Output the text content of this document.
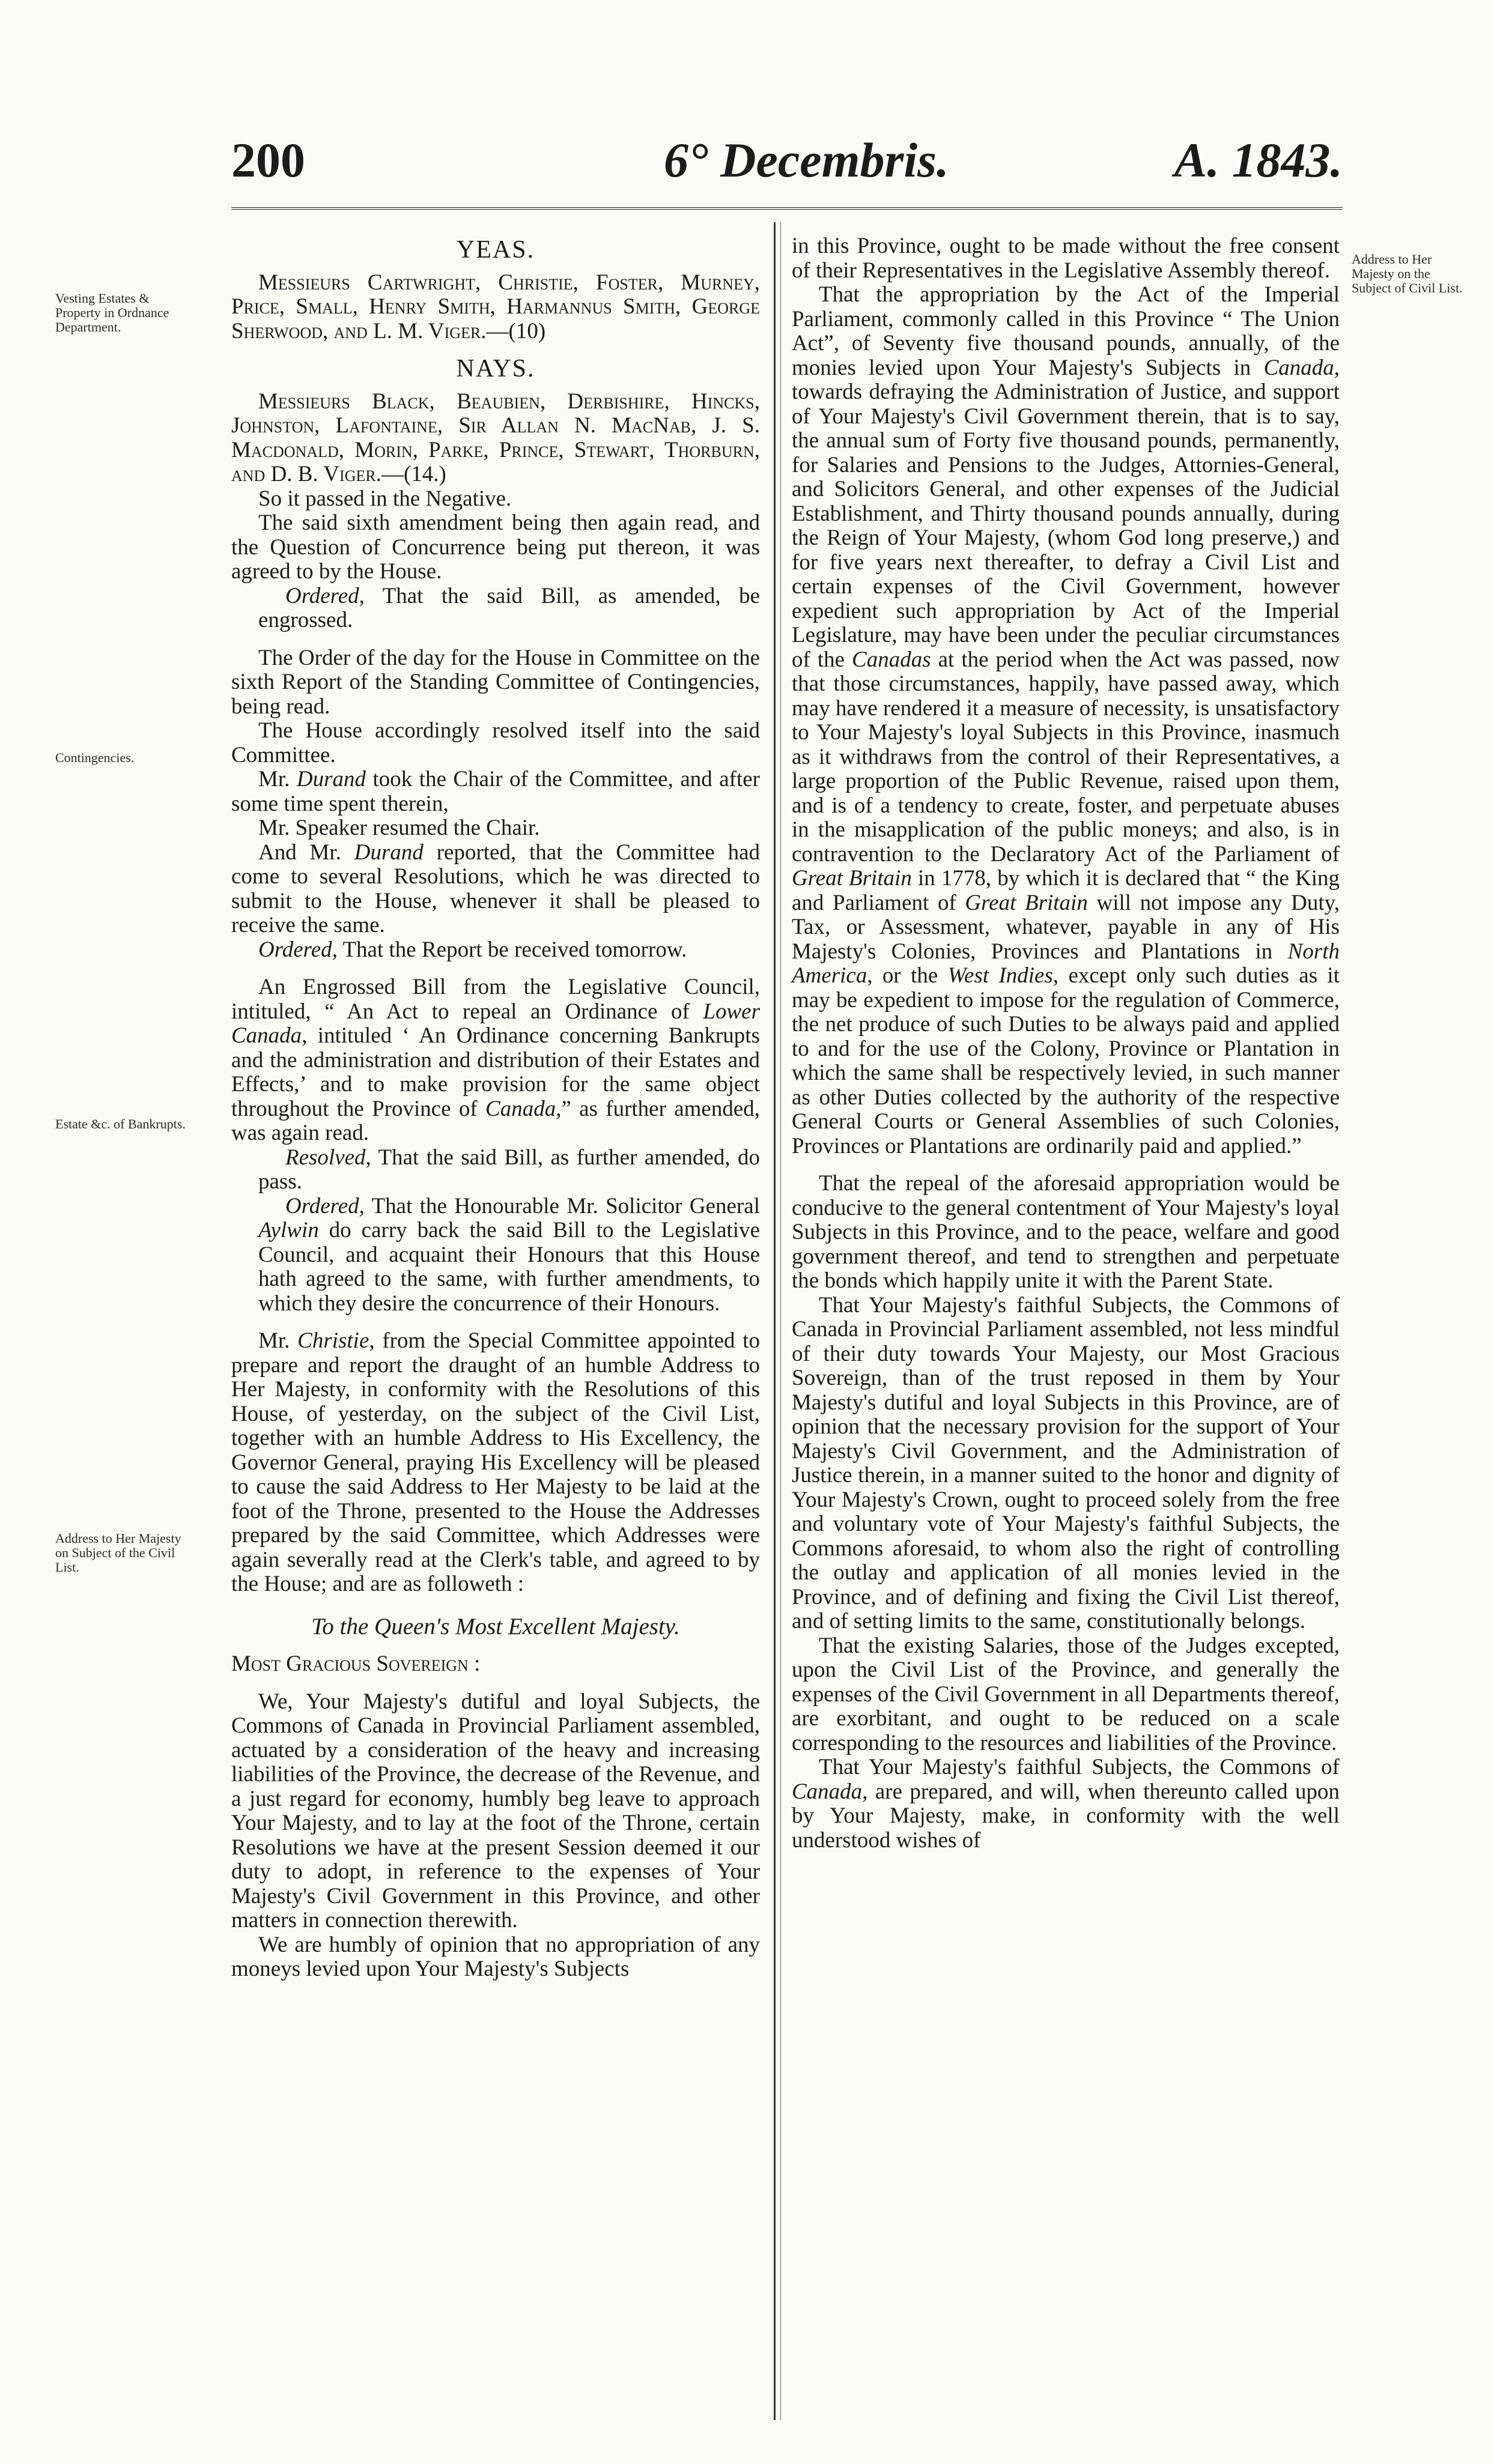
200	6° Decembris.	A. 1843.
Vesting Estates & Property in Ordnance Department.
Contingencies.
Estate &c. of Bankrupts.
Address to Her Majesty on Subject of the Civil List.
Address to Her Majesty on the Subject of Civil List.
YEAS.

Messieurs Cartwright, Christie, Foster, Murney, Price, Small, Henry Smith, Harmannus Smith, George Sherwood, and L. M. Viger.—(10)

NAYS.

Messieurs Black, Beaubien, Derbishire, Hincks, Johnston, Lafontaine, Sir Allan N. MacNab, J. S. Macdonald, Morin, Parke, Prince, Stewart, Thorburn, and D. B. Viger.—(14.)

So it passed in the Negative.

The said sixth amendment being then again read, and the Question of Concurrence being put thereon, it was agreed to by the House.

Ordered, That the said Bill, as amended, be engrossed.

The Order of the day for the House in Committee on the sixth Report of the Standing Committee of Contingencies, being read.

The House accordingly resolved itself into the said Committee.

Mr. Durand took the Chair of the Committee, and after some time spent therein,

Mr. Speaker resumed the Chair.

And Mr. Durand reported, that the Committee had come to several Resolutions, which he was directed to submit to the House, whenever it shall be pleased to receive the same.

Ordered, That the Report be received tomorrow.

An Engrossed Bill from the Legislative Council, intituled, “ An Act to repeal an Ordinance of Lower Canada, intituled ‘ An Ordinance concerning Bankrupts and the administration and distribution of their Estates and Effects,’ and to make provision for the same object throughout the Province of Canada,” as further amended, was again read.

Resolved, That the said Bill, as further amended, do pass.

Ordered, That the Honourable Mr. Solicitor General Aylwin do carry back the said Bill to the Legislative Council, and acquaint their Honours that this House hath agreed to the same, with further amendments, to which they desire the concurrence of their Honours.

Mr. Christie, from the Special Committee appointed to prepare and report the draught of an humble Address to Her Majesty, in conformity with the Resolutions of this House, of yesterday, on the subject of the Civil List, together with an humble Address to His Excellency, the Governor General, praying His Excellency will be pleased to cause the said Address to Her Majesty to be laid at the foot of the Throne, presented to the House the Addresses prepared by the said Committee, which Addresses were again severally read at the Clerk's table, and agreed to by the House; and are as followeth :

To the Queen's Most Excellent Majesty.

Most Gracious Sovereign :

We, Your Majesty's dutiful and loyal Subjects, the Commons of Canada in Provincial Parliament assembled, actuated by a consideration of the heavy and increasing liabilities of the Province, the decrease of the Revenue, and a just regard for economy, humbly beg leave to approach Your Majesty, and to lay at the foot of the Throne, certain Resolutions we have at the present Session deemed it our duty to adopt, in reference to the expenses of Your Majesty's Civil Government in this Province, and other matters in connection therewith.

We are humbly of opinion that no appropriation of any moneys levied upon Your Majesty's Subjects

in this Province, ought to be made without the free consent of their Representatives in the Legislative Assembly thereof.

That the appropriation by the Act of the Imperial Parliament, commonly called in this Province “ The Union Act”, of Seventy five thousand pounds, annually, of the monies levied upon Your Majesty's Subjects in Canada, towards defraying the Administration of Justice, and support of Your Majesty's Civil Government therein, that is to say, the annual sum of Forty five thousand pounds, permanently, for Salaries and Pensions to the Judges, Attornies-General, and Solicitors General, and other expenses of the Judicial Establishment, and Thirty thousand pounds annually, during the Reign of Your Majesty, (whom God long preserve,) and for five years next thereafter, to defray a Civil List and certain expenses of the Civil Government, however expedient such appropriation by Act of the Imperial Legislature, may have been under the peculiar circumstances of the Canadas at the period when the Act was passed, now that those circumstances, happily, have passed away, which may have rendered it a measure of necessity, is unsatisfactory to Your Majesty's loyal Subjects in this Province, inasmuch as it withdraws from the control of their Representatives, a large proportion of the Public Revenue, raised upon them, and is of a tendency to create, foster, and perpetuate abuses in the misapplication of the public moneys; and also, is in contravention to the Declaratory Act of the Parliament of Great Britain in 1778, by which it is declared that “ the King and Parliament of Great Britain will not impose any Duty, Tax, or Assessment, whatever, payable in any of His Majesty's Colonies, Provinces and Plantations in North America, or the West Indies, except only such duties as it may be expedient to impose for the regulation of Commerce, the net produce of such Duties to be always paid and applied to and for the use of the Colony, Province or Plantation in which the same shall be respectively levied, in such manner as other Duties collected by the authority of the respective General Courts or General Assemblies of such Colonies, Provinces or Plantations are ordinarily paid and applied.”

That the repeal of the aforesaid appropriation would be conducive to the general contentment of Your Majesty's loyal Subjects in this Province, and to the peace, welfare and good government thereof, and tend to strengthen and perpetuate the bonds which happily unite it with the Parent State.

That Your Majesty's faithful Subjects, the Commons of Canada in Provincial Parliament assembled, not less mindful of their duty towards Your Majesty, our Most Gracious Sovereign, than of the trust reposed in them by Your Majesty's dutiful and loyal Subjects in this Province, are of opinion that the necessary provision for the support of Your Majesty's Civil Government, and the Administration of Justice therein, in a manner suited to the honor and dignity of Your Majesty's Crown, ought to proceed solely from the free and voluntary vote of Your Majesty's faithful Subjects, the Commons aforesaid, to whom also the right of controlling the outlay and application of all monies levied in the Province, and of defining and fixing the Civil List thereof, and of setting limits to the same, constitutionally belongs.

That the existing Salaries, those of the Judges excepted, upon the Civil List of the Province, and generally the expenses of the Civil Government in all Departments thereof, are exorbitant, and ought to be reduced on a scale corresponding to the resources and liabilities of the Province.

That Your Majesty's faithful Subjects, the Commons of Canada, are prepared, and will, when thereunto called upon by Your Majesty, make, in conformity with the well understood wishes of
